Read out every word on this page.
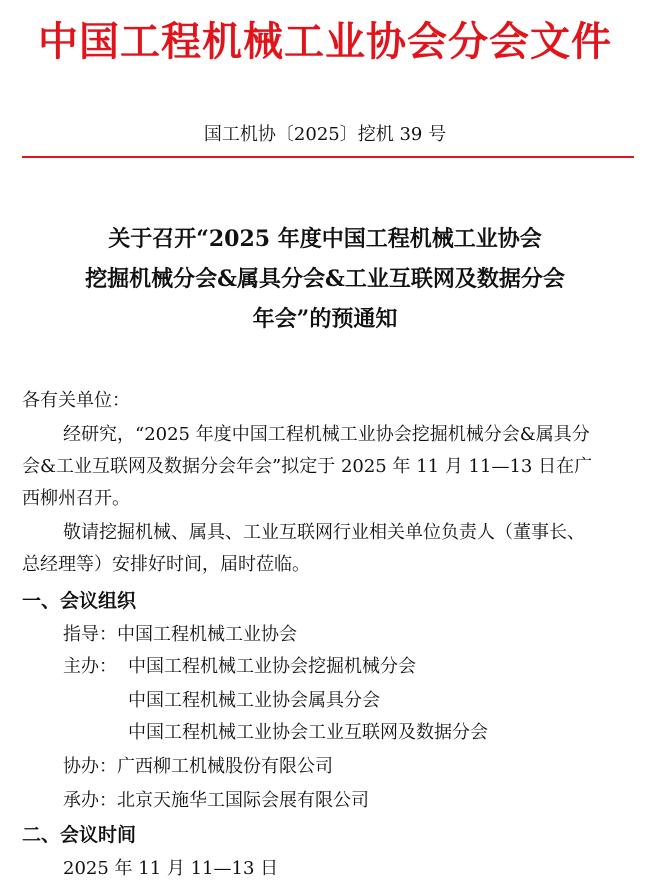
中国工程机械工业协会分会文件
国工机协〔2025〕挖机 39 号
关于召开“2025 年度中国工程机械工业协会
挖掘机械分会&属具分会&工业互联网及数据分会
年会”的预通知
各有关单位：
经研究，“2025 年度中国工程机械工业协会挖掘机械分会&属具分
会&工业互联网及数据分会年会”拟定于 2025 年 11 月 11—13 日在广
西柳州召开。
敬请挖掘机械、属具、工业互联网行业相关单位负责人（董事长、
总经理等）安排好时间，届时莅临。
一、会议组织
指导：中国工程机械工业协会
主办： 中国工程机械工业协会挖掘机械分会
中国工程机械工业协会属具分会
中国工程机械工业协会工业互联网及数据分会
协办：广西柳工机械股份有限公司
承办：北京天施华工国际会展有限公司
二、会议时间
2025 年 11 月 11—13 日
